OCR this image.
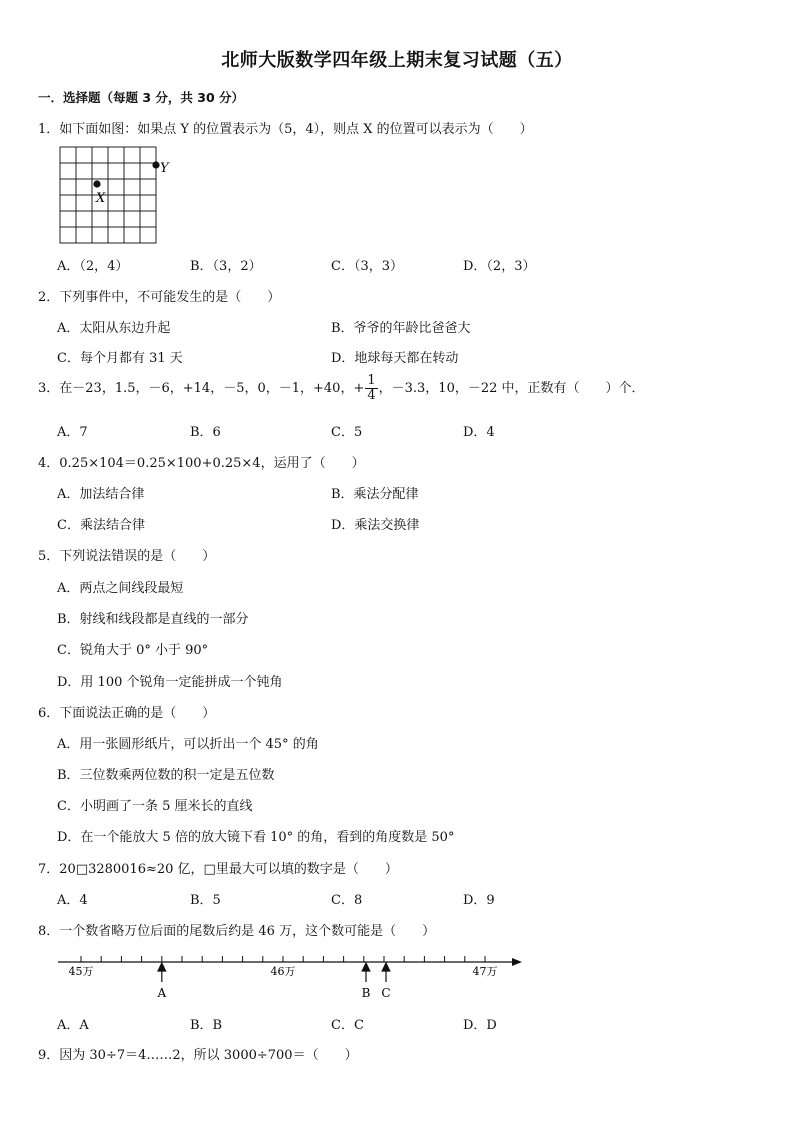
北师大版数学四年级上期末复习试题（五）
一．选择题（每题 3 分，共 30 分）
1．如下面如图：如果点 Y 的位置表示为（5，4），则点 X 的位置可以表示为（　　）
Y
X
A．（2，4）	B．（3，2）	C．（3，3）	D．（2，3）
2．下列事件中，不可能发生的是（　　）
A．太阳从东边升起	B．爷爷的年龄比爸爸大
C．每个月都有 31 天	D．地球每天都在转动
3．在－23，1.5，－6，+14，－5，0，－1，+40，+ $\frac{1}{4}$ ，－3.3，10，－22 中，正数有（　　）个．
A．7	B．6	C．5	D．4
4．0.25×104＝0.25×100+0.25×4，运用了（　　）
A．加法结合律	B．乘法分配律
C．乘法结合律	D．乘法交换律
5．下列说法错误的是（　　）
A．两点之间线段最短
B．射线和线段都是直线的一部分
C．锐角大于 0° 小于 90°
D．用 100 个锐角一定能拼成一个钝角
6．下面说法正确的是（　　）
A．用一张圆形纸片，可以折出一个 45° 的角
B．三位数乘两位数的积一定是五位数
C．小明画了一条 5 厘米长的直线
D．在一个能放大 5 倍的放大镜下看 10° 的角，看到的角度数是 50°
7．20□3280016≈20 亿，□里最大可以填的数字是（　　）
A．4	B．5	C．8	D．9
8．一个数省略万位后面的尾数后约是 46 万，这个数可能是（　　）
45万	46万	47万
A	B C
A．A	B．B	C．C	D．D
9．因为 30÷7＝4……2，所以 3000÷700＝（　　）
